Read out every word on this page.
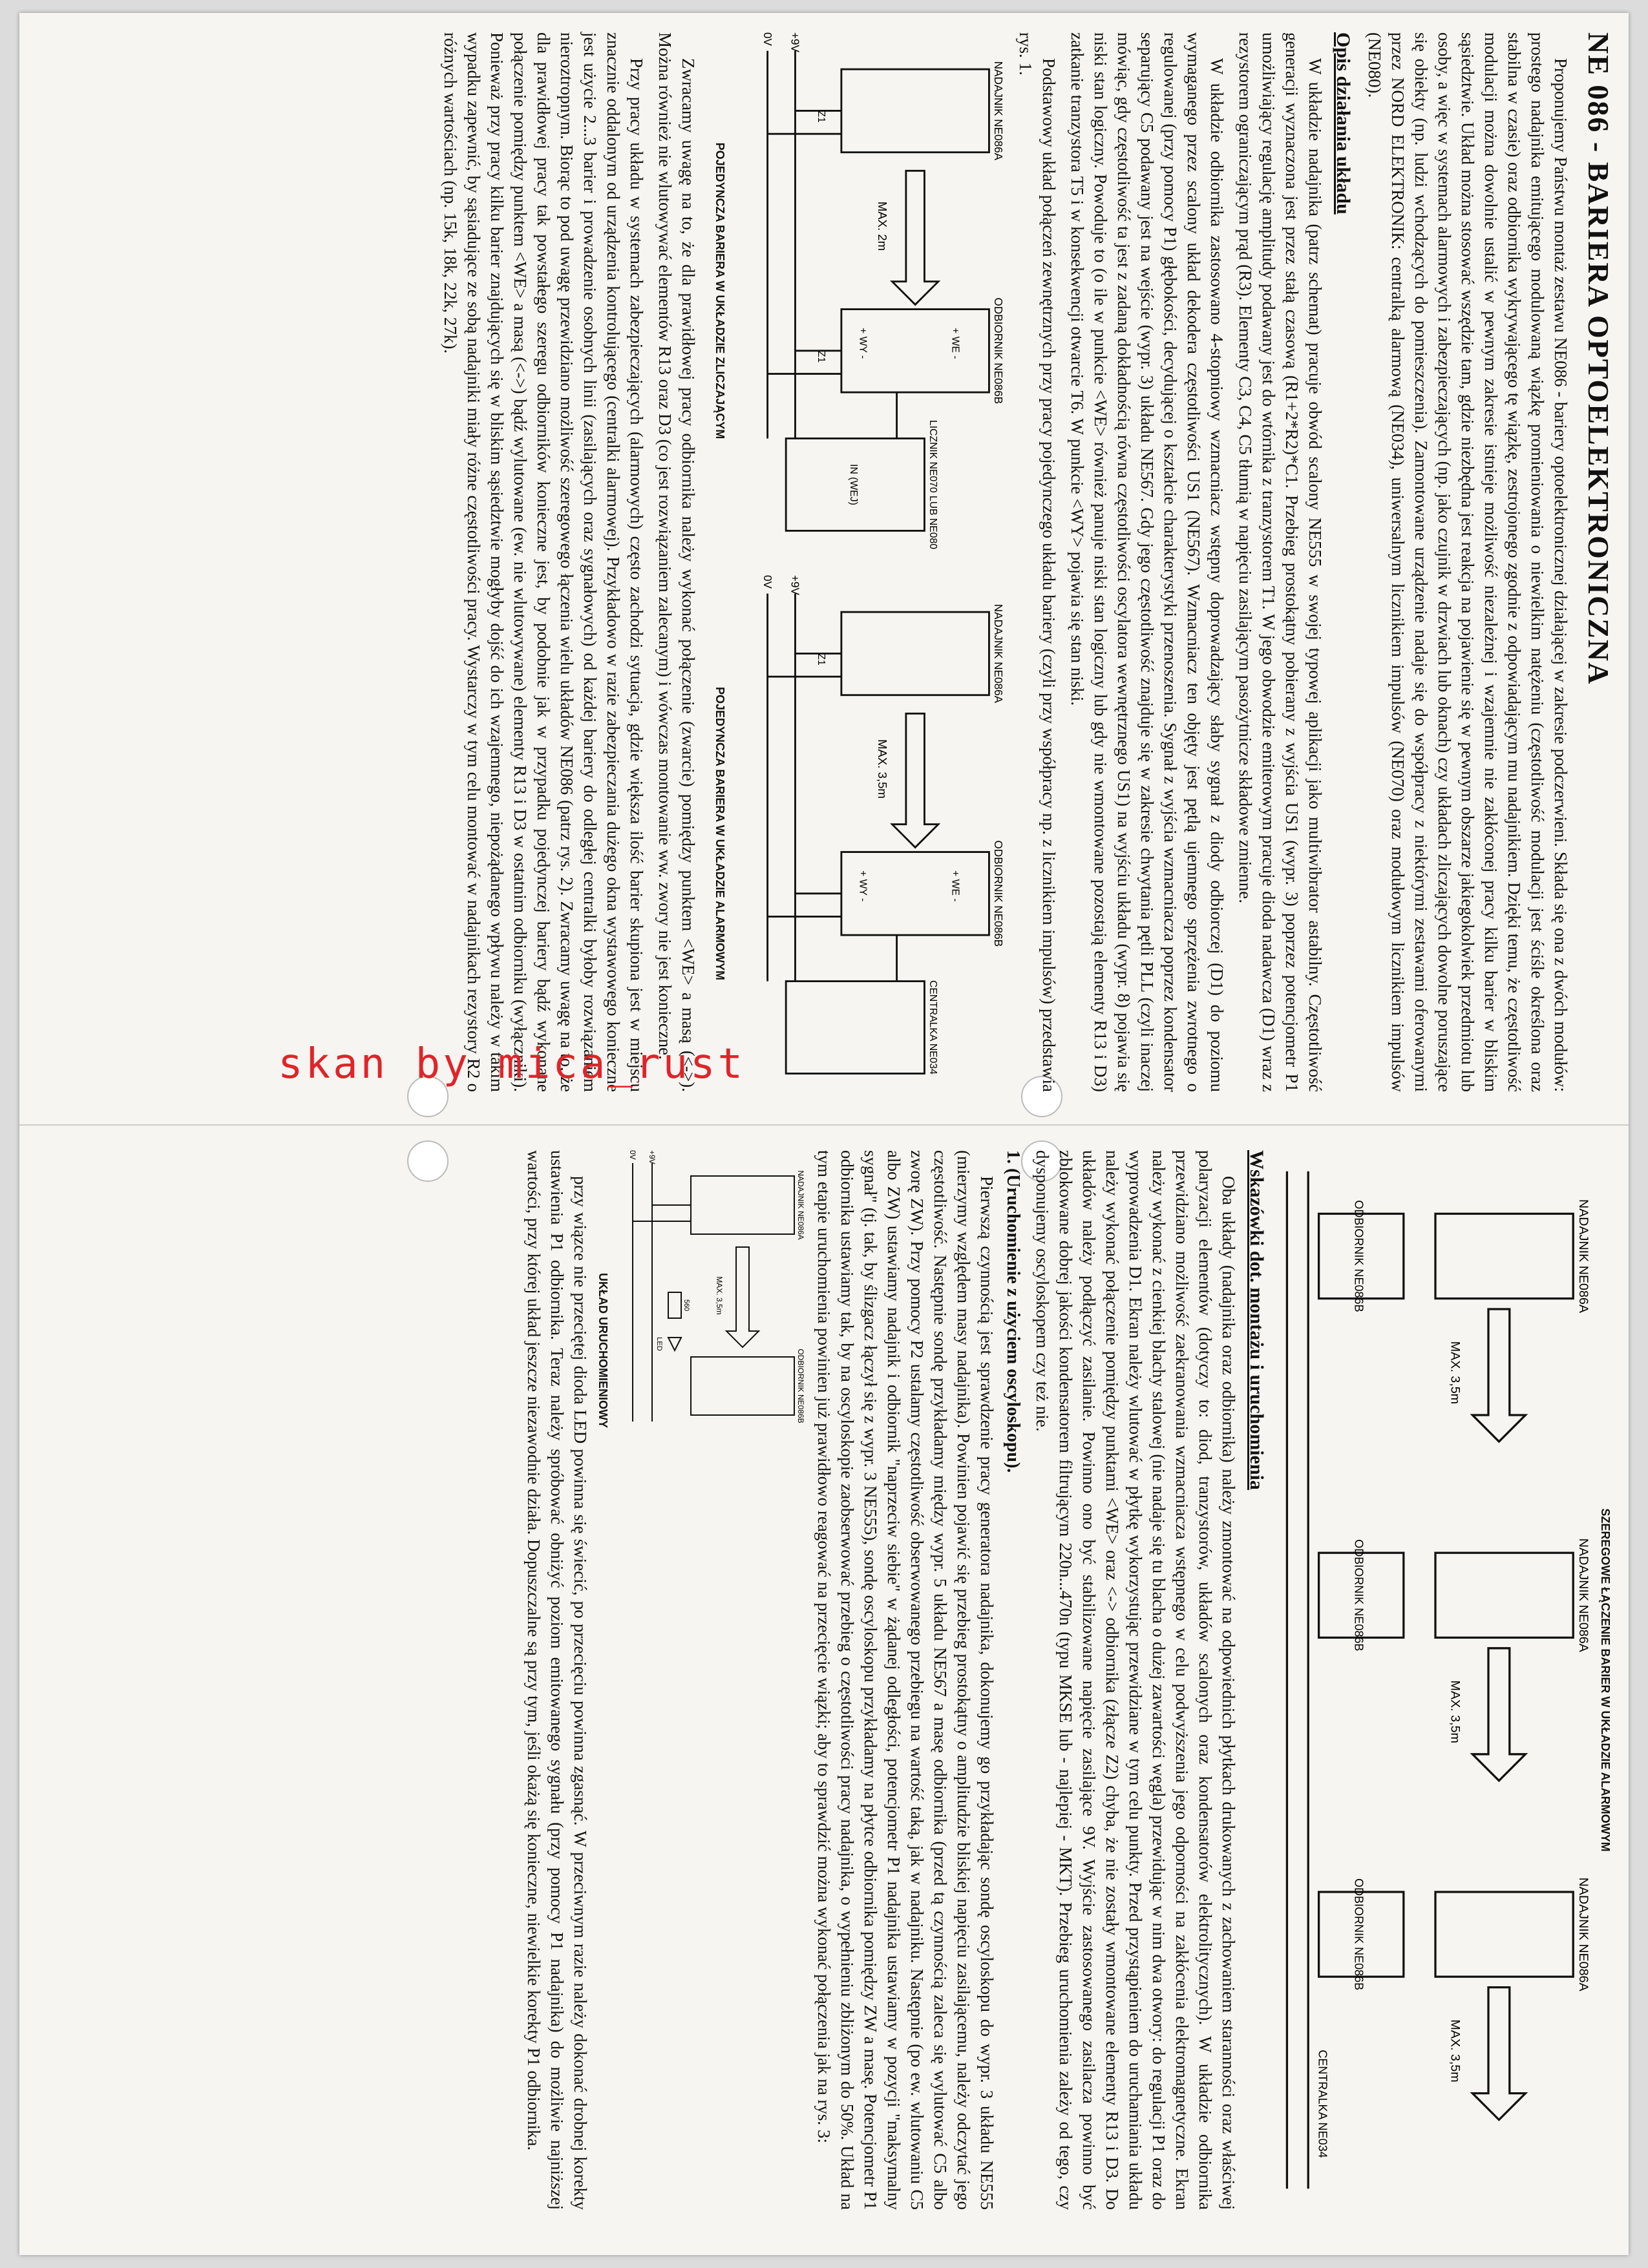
NE 086 - BARIERA OPTOELEKTRONICZNA

Proponujemy Państwu montaż zestawu NE086 - bariery optoelektronicznej działającej w zakresie podczerwieni. Składa się ona z dwóch modułów: prostego nadajnika emitującego modulowaną wiązkę promieniowania o niewielkim natężeniu (częstotliwość modulacji jest ściśle określona oraz stabilna w czasie) oraz odbiornika wykrywającego tę wiązkę, zestrojonego zgodnie z odpowiadającym mu nadajnikiem. Dzięki temu, że częstotliwość modulacji można dowolnie ustalić w pewnym zakresie istnieje możliwość niezależnej i wzajemnie nie zakłóconej pracy kilku barier w bliskim sąsiedztwie. Układ można stosować wszędzie tam, gdzie niezbędna jest reakcja na pojawienie się w pewnym obszarze jakiegokolwiek przedmiotu lub osoby, a więc w systemach alarmowych i zabezpieczających (np. jako czujnik w drzwiach lub oknach) czy układach zliczających dowolne poruszające się obiekty (np. ludzi wchodzących do pomieszczenia). Zamontowane urządzenie nadaje się do współpracy z niektórymi zestawami oferowanymi przez NORD ELEKTRONIK: centralką alarmową (NE034), uniwersalnym licznikiem impulsów (NE070) oraz modułowym licznikiem impulsów (NE080).

Opis działania układu

W układzie nadajnika (patrz schemat) pracuje obwód scalony NE555 w swojej typowej aplikacji jako multiwibrator astabilny. Częstotliwość generacji wyznaczona jest przez stałą czasową (R1+2*R2)*C1. Przebieg prostokątny pobierany z wyjścia US1 (wypr. 3) poprzez potencjometr P1 umożliwiający regulację amplitudy podawany jest do wtórnika z tranzystorem T1. W jego obwodzie emiterowym pracuje dioda nadawcza (D1) wraz z rezystorem ograniczającym prąd (R3). Elementy C3, C4, C5 tłumią w napięciu zasilającym pasożytnicze składowe zmienne.

W układzie odbiornika zastosowano 4-stopniowy wzmacniacz wstępny doprowadzający słaby sygnał z diody odbiorczej (D1) do poziomu wymaganego przez scalony układ dekodera częstotliwości US1 (NE567). Wzmacniacz ten objęty jest pętlą ujemnego sprzężenia zwrotnego o regulowanej (przy pomocy P1) głębokości, decydującej o kształcie charakterystyki przenoszenia. Sygnał z wyjścia wzmacniacza poprzez kondensator separujący C5 podawany jest na wejście (wypr. 3) układu NE567. Gdy jego częstotliwość znajduje się w zakresie chwytania pętli PLL (czyli inaczej mówiąc, gdy częstotliwość ta jest z zadaną dokładnością równa częstotliwości oscylatora wewnętrznego US1) na wyjściu układu (wypr. 8) pojawia się niski stan logiczny. Powoduje to (o ile w punkcie <WE> również panuje niski stan logiczny lub gdy nie wmontowane pozostają elementy R13 i D3) zatkanie tranzystora T5 i w konsekwencji otwarcie T6. W punkcie <WY> pojawia się stan niski.

Podstawowy układ połączeń zewnętrznych przy pracy pojedynczego układu bariery (czyli przy współpracy np. z licznikiem impulsów) przedstawia rys. 1.

NADAJNIK NE086A
ODBIORNIK NE086B
LICZNIK NE070 LUB NE080
IN (WEJ)
MAX. 2m
+9V
0V
Z1
Z1	+ WE -
+ WY -
POJEDYNCZA BARIERA W UKŁADZIE ZLICZAJĄCYM
NADAJNIK NE086A
ODBIORNIK NE086B
CENTRALKA NE034
MAX. 3,5m
+9V
0V
Z1
+ WE -
+ WY -
POJEDYNCZA BARIERA W UKŁADZIE ALARMOWYM

Zwracamy uwagę na to, że dla prawidłowej pracy odbiornika należy wykonać połączenie (zwarcie) pomiędzy punktem <WE> a masą (<->). Można również nie wlutowywać elementów R13 oraz D3 (co jest rozwiązaniem zalecanym) i wówczas montowanie ww. zwory nie jest konieczne.

Przy pracy układu w systemach zabezpieczających (alarmowych) często zachodzi sytuacja, gdzie większa ilość barier skupiona jest w miejscu znacznie oddalonym od urządzenia kontrolującego (centralki alarmowej). Przykładowo w razie zabezpieczania dużego okna wystawowego konieczne jest użycie 2...3 barier i prowadzenie osobnych linii (zasilających oraz sygnałowych) od każdej bariery do odległej centralki byłoby rozwiązaniem nieroztropnym. Biorąc to pod uwagę przewidziano możliwość szeregowego łączenia wielu układów NE086 (patrz rys. 2). Zwracamy uwagę na to, że dla prawidłowej pracy tak powstałego szeregu odbiorników konieczne jest, by podobnie jak w przypadku pojedynczej bariery bądź wykonane połączenie pomiędzy punktem <WE> a masą (<->) bądź wylutowane (ew. nie wlutowywane) elementy R13 i D3 w ostatnim odbiorniku (wyłączniki). Ponieważ przy pracy kilku barier znajdujących się w bliskim sąsiedztwie mogłyby dojść do ich wzajemnego, niepożądanego wpływu należy w takim wypadku zapewnić, by sąsiadujące ze sobą nadajniki miały różne częstotliwości pracy. Wystarczy w tym celu montować w nadajnikach rezystory R2 o różnych wartościach (np. 15k, 18k, 22k, 27k).

SZEREGOWE ŁĄCZENIE BARIER W UKŁADZIE ALARMOWYM
NADAJNIK NE086A
NADAJNIK NE086A
NADAJNIK NE086A
ODBIORNIK NE086B
ODBIORNIK NE086B
ODBIORNIK NE086B
MAX. 3,5m
MAX. 3,5m
MAX. 3,5m
CENTRALKA NE034
Wskazówki dot. montażu i uruchomienia

Oba układy (nadajnika oraz odbiornika) należy zmontować na odpowiednich płytkach drukowanych z zachowaniem staranności oraz właściwej polaryzacji elementów (dotyczy to: diod, tranzystorów, układów scalonych oraz kondensatorów elektrolitycznych). W układzie odbiornika przewidziano możliwość zaekranowania wzmacniacza wstępnego w celu podwyższenia jego odporności na zakłócenia elektromagnetyczne. Ekran należy wykonać z cienkiej blachy stalowej (nie nadaje się tu blacha o dużej zawartości węgla) przewidując w nim dwa otwory: do regulacji P1 oraz do wyprowadzenia D1. Ekran należy wlutować w płytkę wykorzystując przewidziane w tym celu punkty. Przed przystąpieniem do uruchamiania układu należy wykonać połączenie pomiędzy punktami <WE> oraz <-> odbiornika (złącze Z2) chyba, że nie zostały wmontowane elementy R13 i D3. Do układów należy podłączyć zasilanie. Powinno ono być stabilizowane napięcie zasilające 9V. Wyjście zastosowanego zasilacza powinno być zblokowane dobrej jakości kondensatorem filtrującym 220n...470n (typu MKSE lub - najlepiej - MKT). Przebieg uruchomienia zależy od tego, czy dysponujemy oscyloskopem czy też nie.

1. (Uruchomienie z użyciem oscyloskopu).

Pierwszą czynnością jest sprawdzenie pracy generatora nadajnika, dokonujemy go przykładając sondę oscyloskopu do wypr. 3 układu NE555 (mierzymy względem masy nadajnika). Powinien pojawić się przebieg prostokątny o amplitudzie bliskiej napięciu zasilającemu, należy odczytać jego częstotliwość. Następnie sondę przykładamy między wypr. 5 układu NE567 a masę odbiornika (przed tą czynnością zaleca się wylutować C5 albo zworę ZW). Przy pomocy P2 ustalamy częstotliwość obserwowanego przebiegu na wartość taką, jak w nadajniku. Następnie (po ew. wlutowaniu C5 albo ZW) ustawiamy nadajnik i odbiornik "naprzeciw siebie" w żądanej odległości, potencjometr P1 nadajnika ustawiamy w pozycji "maksymalny sygnał" (tj. tak, by ślizgacz łączył się z wypr. 3 NE555), sondę oscyloskopu przykładamy na płytce odbiornika pomiędzy ZW a masę. Potencjometr P1 odbiornika ustawiamy tak, by na oscyloskopie zaobserwować przebieg o częstotliwości pracy nadajnika, o wypełnieniu zbliżonym do 50%. Układ na tym etapie uruchomienia powinien już prawidłowo reagować na przecięcie wiązki; aby to sprawdzić można wykonać połączenia jak na rys. 3:

NADAJNIK NE086A
ODBIORNIK NE086B
560
LED
MAX. 3,5m
+9V
0V
UKŁAD URUCHOMIENIOWY

przy wiązce nie przeciętej dioda LED powinna się świecić, po przecięciu powinna zgasnąć. W przeciwnym razie należy dokonać drobnej korekty ustawienia P1 odbiornika. Teraz należy spróbować obniżyć poziom emitowanego sygnału (przy pomocy P1 nadajnika) do możliwie najniższej wartości, przy której układ jeszcze niezawodnie działa. Dopuszczalne są przy tym, jeśli okażą się konieczne, niewielkie korekty P1 odbiornika.

skan by mica_rust
